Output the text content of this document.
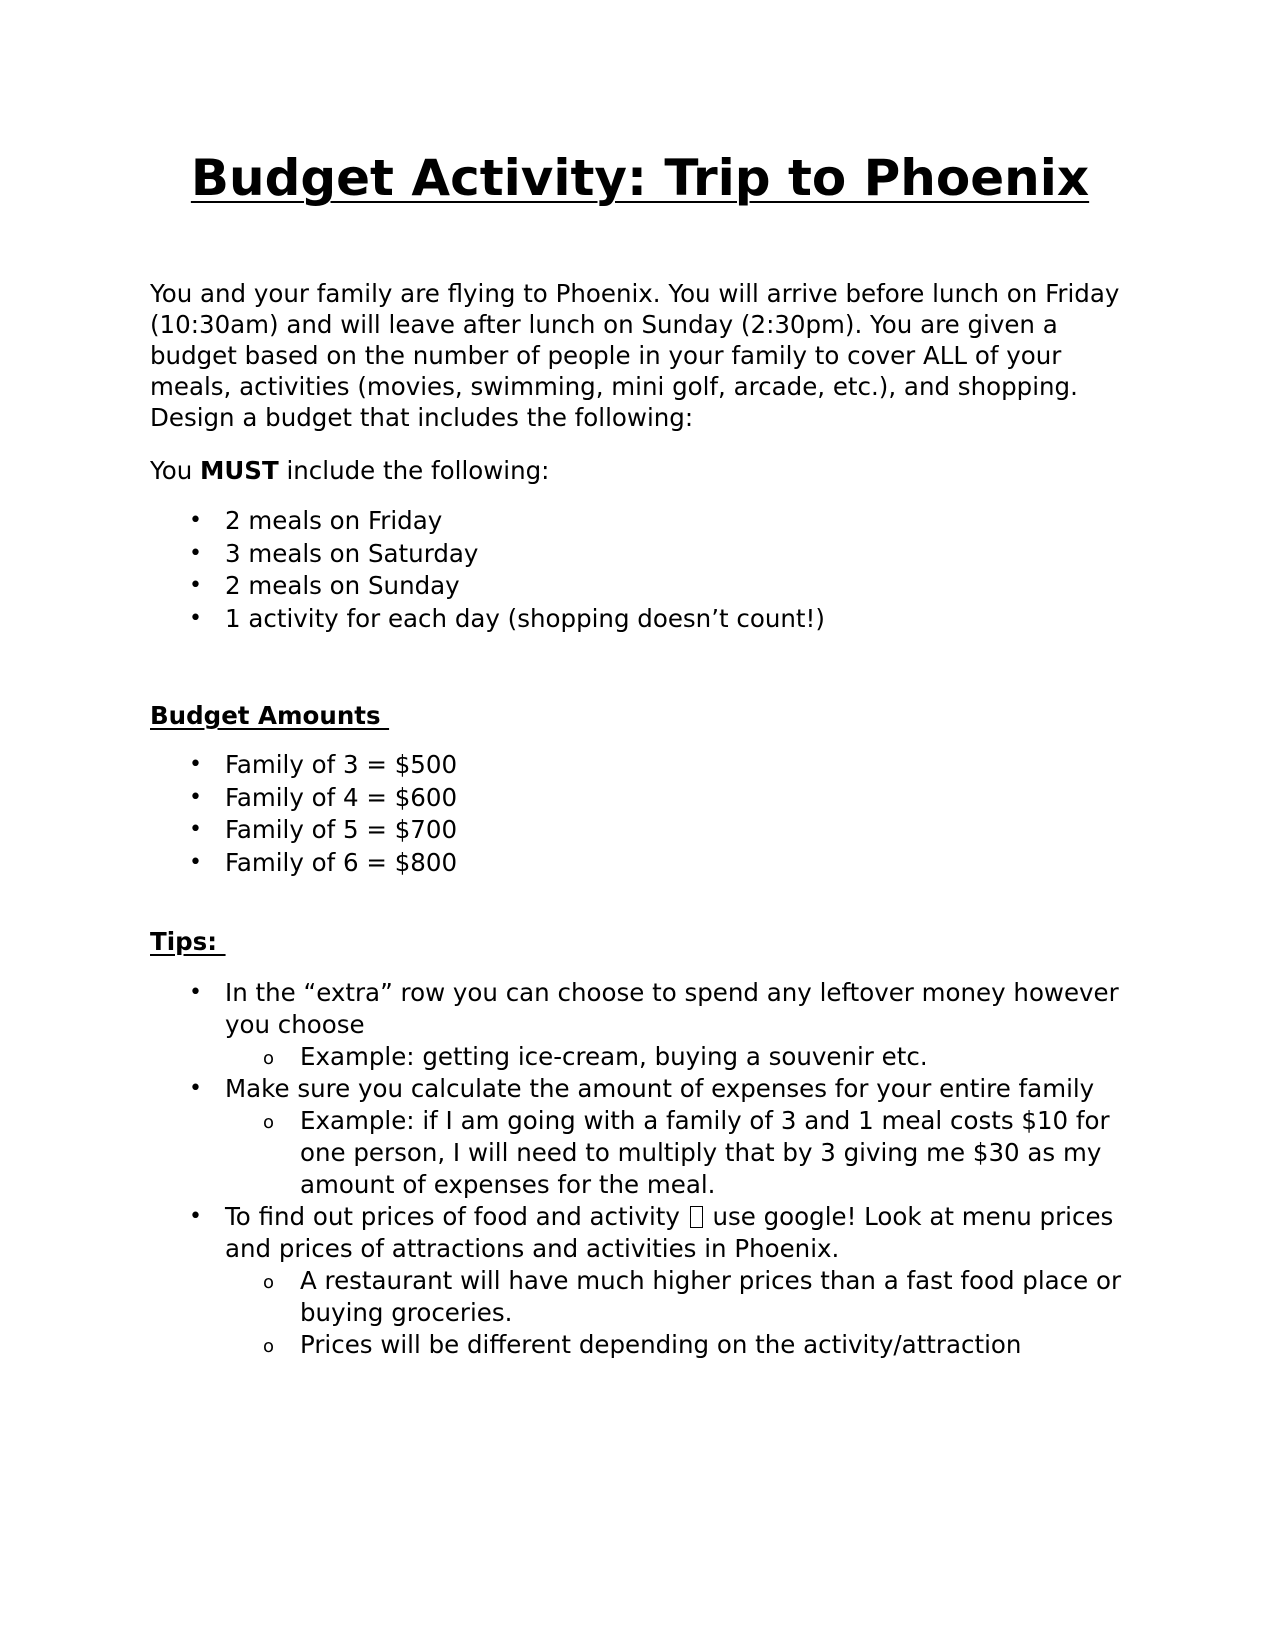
Budget Activity: Trip to Phoenix

You and your family are flying to Phoenix. You will arrive before lunch on Friday (10:30am) and will leave after lunch on Sunday (2:30pm). You are given a budget based on the number of people in your family to cover ALL of your meals, activities (movies, swimming, mini golf, arcade, etc.), and shopping. Design a budget that includes the following:

You MUST include the following:

• 2 meals on Friday
• 3 meals on Saturday
• 2 meals on Sunday
• 1 activity for each day (shopping doesn’t count!)
Budget Amounts
• Family of 3 = $500
• Family of 4 = $600
• Family of 5 = $700
• Family of 6 = $800
Tips:
• In the “extra” row you can choose to spend any leftover money however you choose
o Example: getting ice-cream, buying a souvenir etc.
• Make sure you calculate the amount of expenses for your entire family
o Example: if I am going with a family of 3 and 1 meal costs $10 for one person, I will need to multiply that by 3 giving me $30 as my amount of expenses for the meal.
• To find out prices of food and activity use google! Look at menu prices and prices of attractions and activities in Phoenix.
o A restaurant will have much higher prices than a fast food place or buying groceries.
o Prices will be different depending on the activity/attraction
